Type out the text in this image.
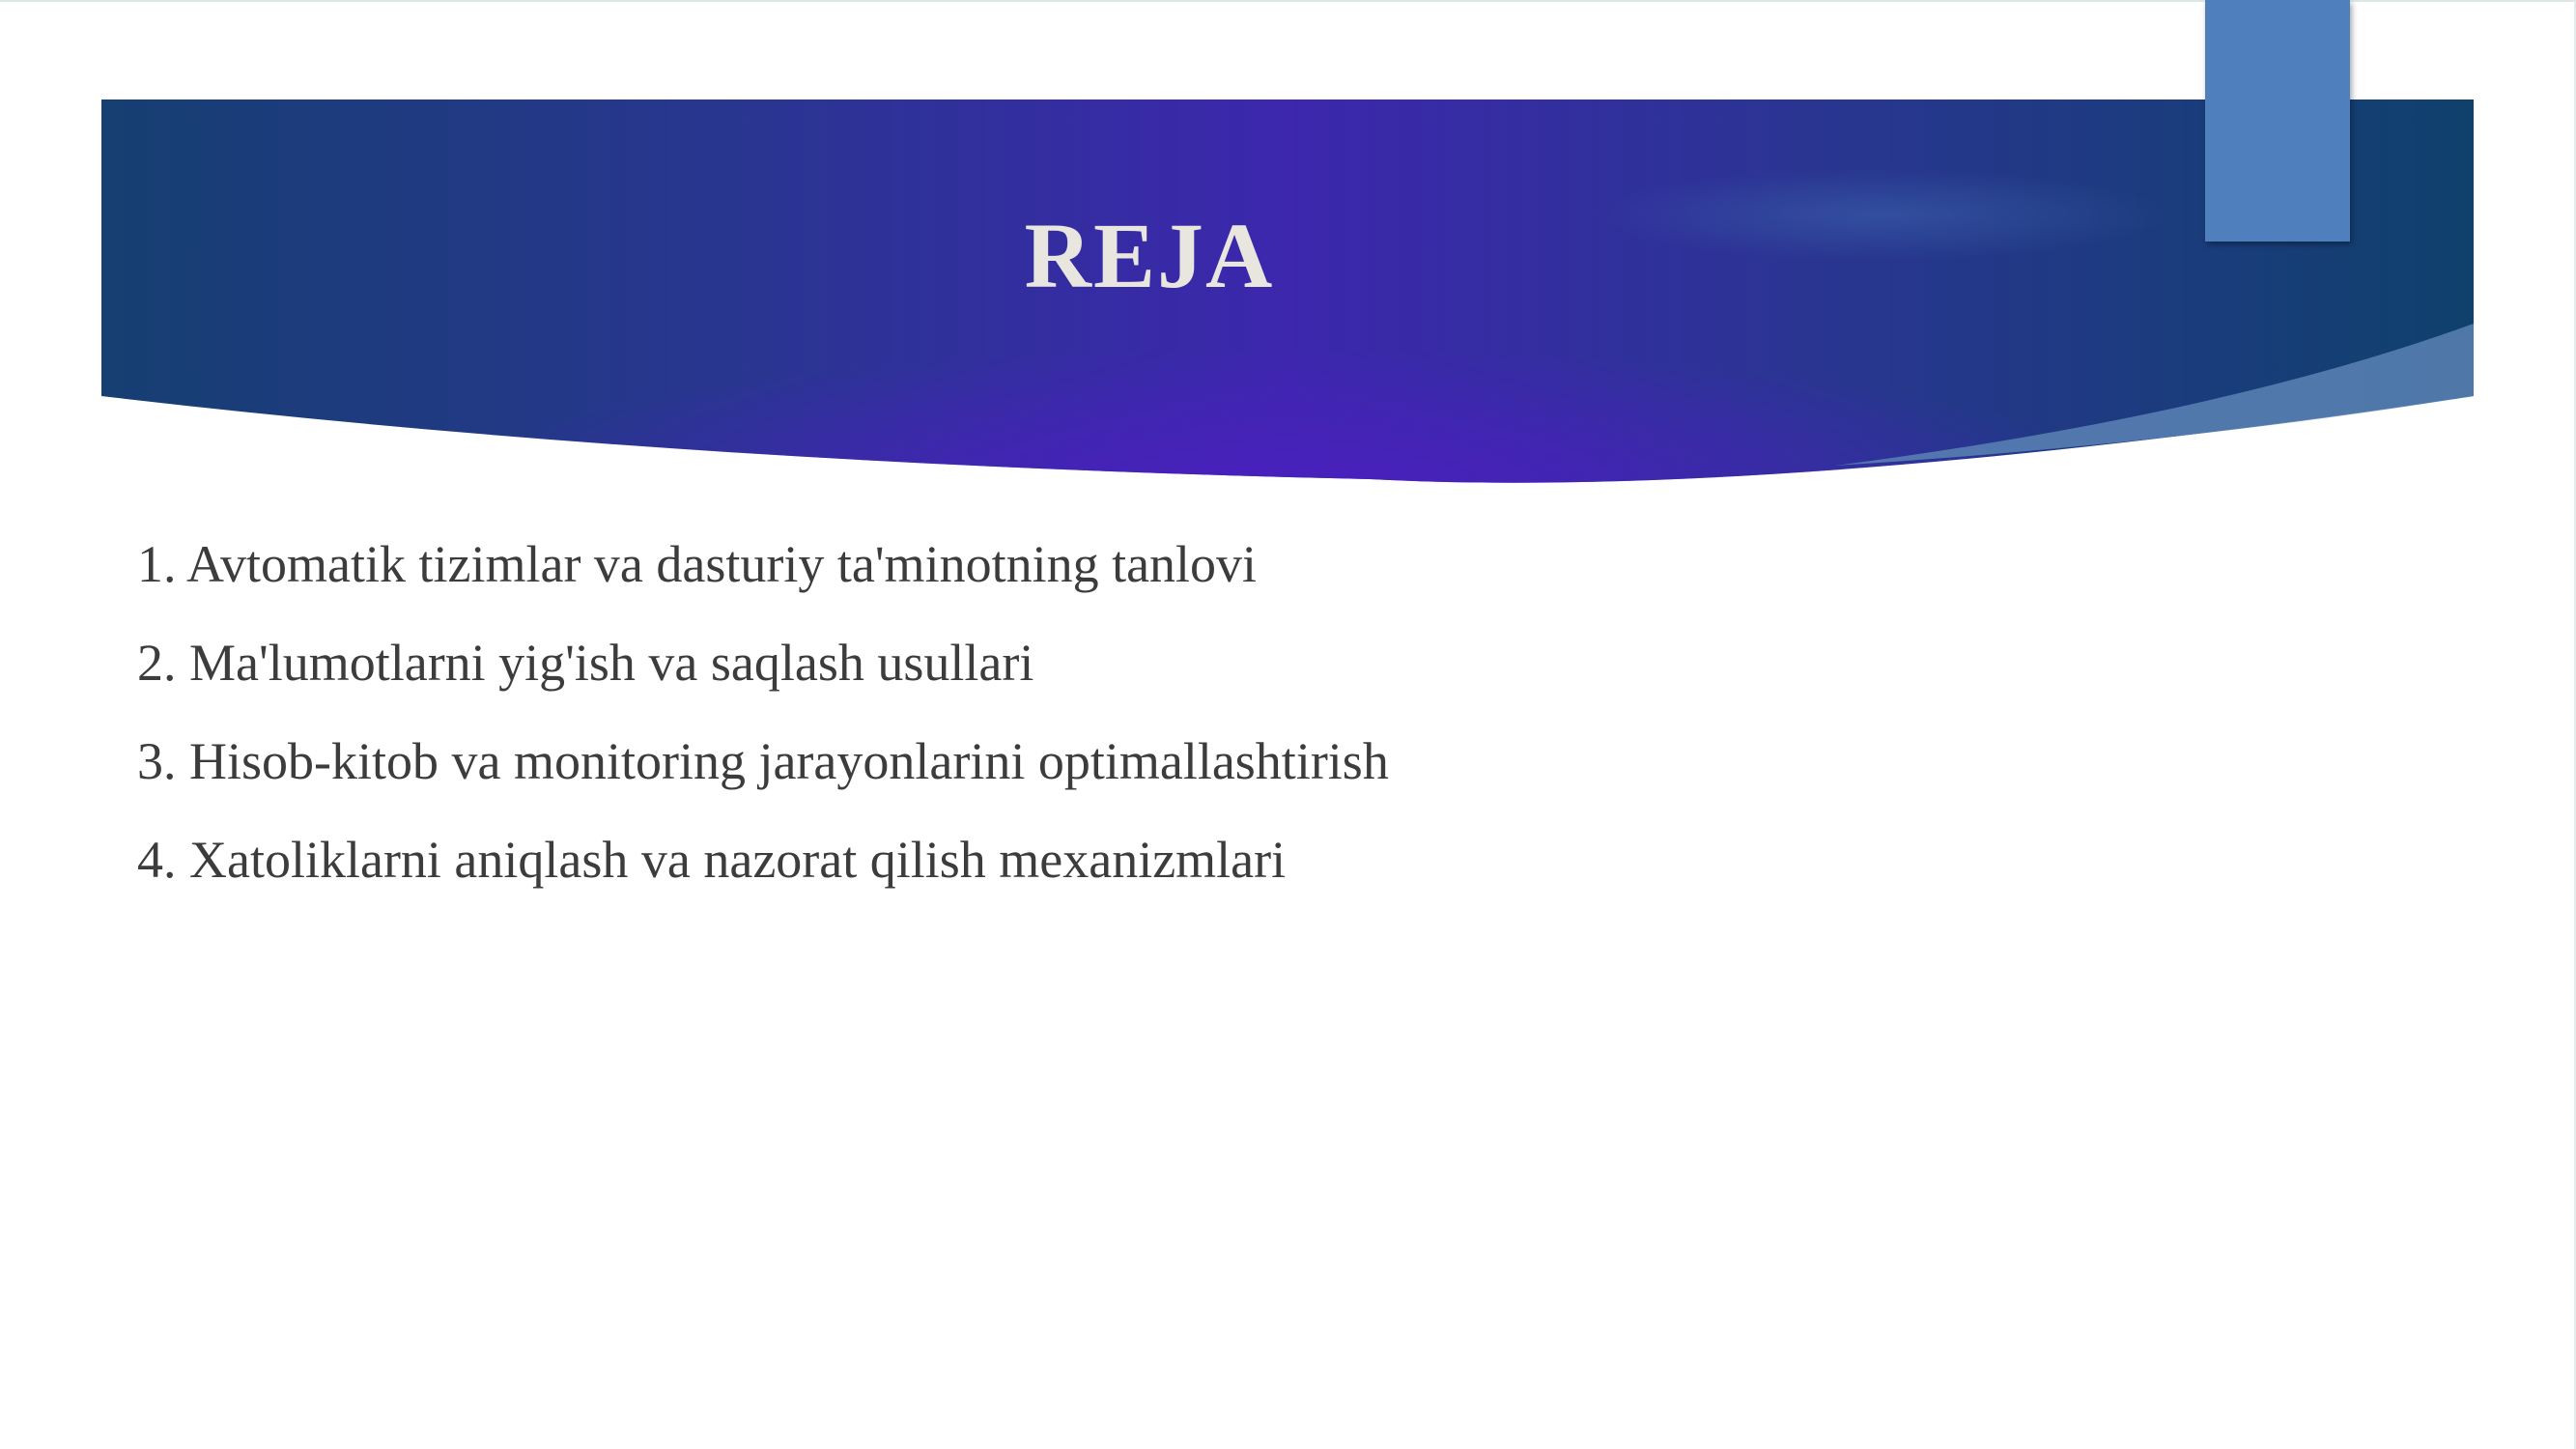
REJA
1. Avtomatik tizimlar va dasturiy ta'minotning tanlovi
2. Ma'lumotlarni yig'ish va saqlash usullari
3. Hisob-kitob va monitoring jarayonlarini optimallashtirish
4. Xatoliklarni aniqlash va nazorat qilish mexanizmlari
